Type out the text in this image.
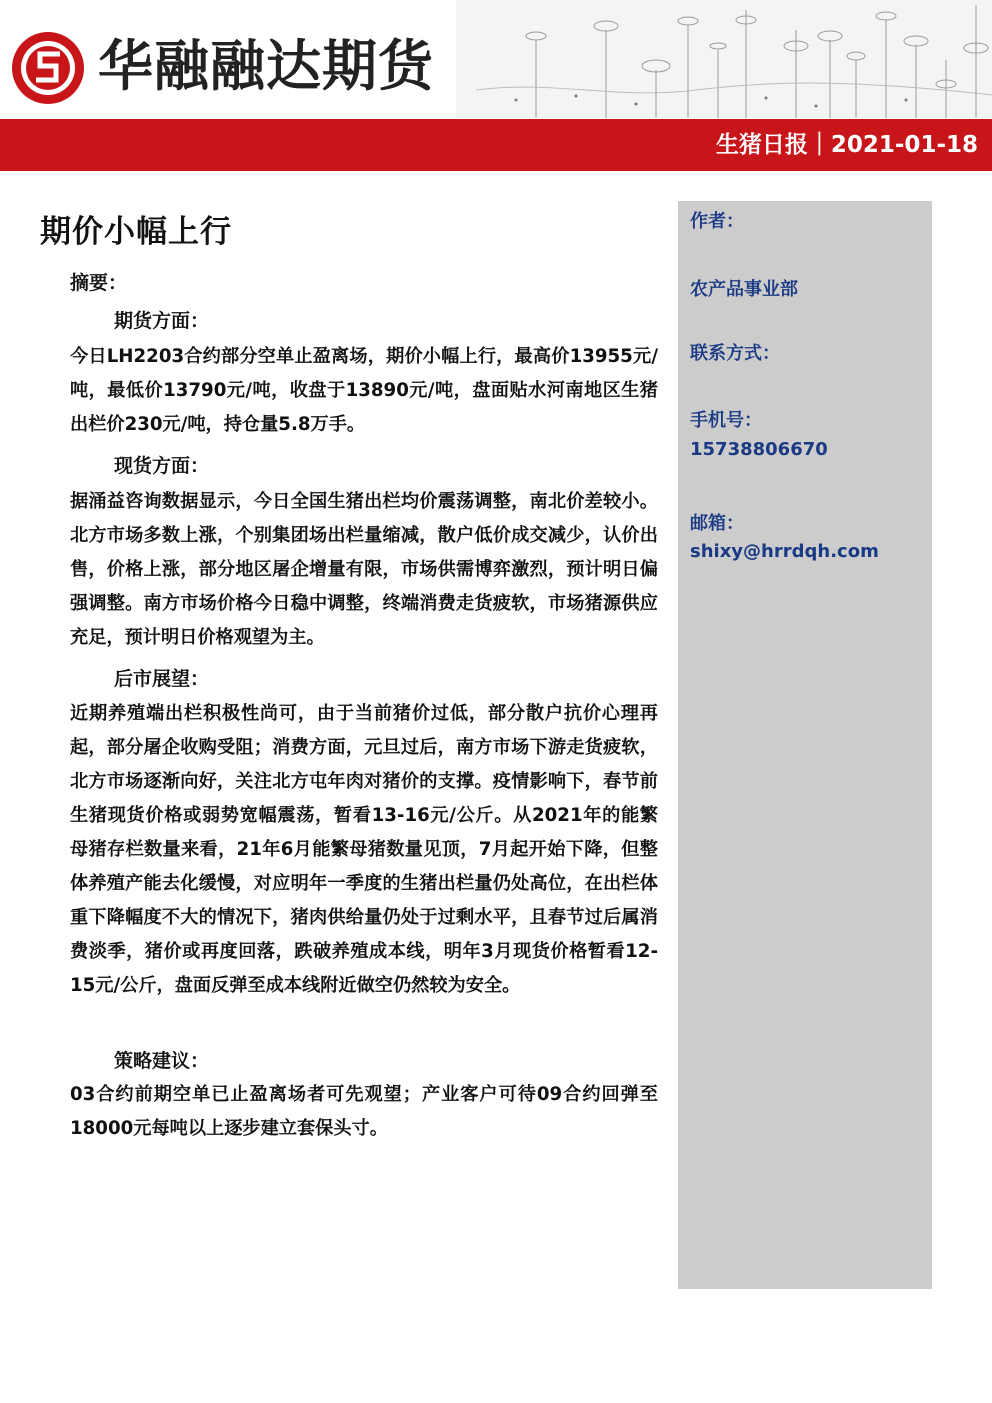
华融融达期货
生猪日报｜2021-01-18
作者：
农产品事业部
联系方式：
手机号：
15738806670
邮箱：
shixy@hrrdqh.com
期价小幅上行
摘要：
期货方面：
今日LH2203合约部分空单止盈离场，期价小幅上行，最高价13955元/吨，最低价13790元/吨，收盘于13890元/吨，盘面贴水河南地区生猪出栏价230元/吨，持仓量5.8万手。
现货方面：
据涌益咨询数据显示，今日全国生猪出栏均价震荡调整，南北价差较小。北方市场多数上涨，个别集团场出栏量缩减，散户低价成交减少，认价出售，价格上涨，部分地区屠企增量有限，市场供需博弈激烈，预计明日偏强调整。南方市场价格今日稳中调整，终端消费走货疲软，市场猪源供应充足，预计明日价格观望为主。
后市展望：
近期养殖端出栏积极性尚可，由于当前猪价过低，部分散户抗价心理再起，部分屠企收购受阻；消费方面，元旦过后，南方市场下游走货疲软，北方市场逐渐向好，关注北方屯年肉对猪价的支撑。疫情影响下，春节前生猪现货价格或弱势宽幅震荡，暂看13-16元/公斤。从2021年的能繁母猪存栏数量来看，21年6月能繁母猪数量见顶，7月起开始下降，但整体养殖产能去化缓慢，对应明年一季度的生猪出栏量仍处高位，在出栏体重下降幅度不大的情况下，猪肉供给量仍处于过剩水平，且春节过后属消费淡季，猪价或再度回落，跌破养殖成本线，明年3月现货价格暂看12-15元/公斤，盘面反弹至成本线附近做空仍然较为安全。
策略建议：
03合约前期空单已止盈离场者可先观望；产业客户可待09合约回弹至18000元每吨以上逐步建立套保头寸。
